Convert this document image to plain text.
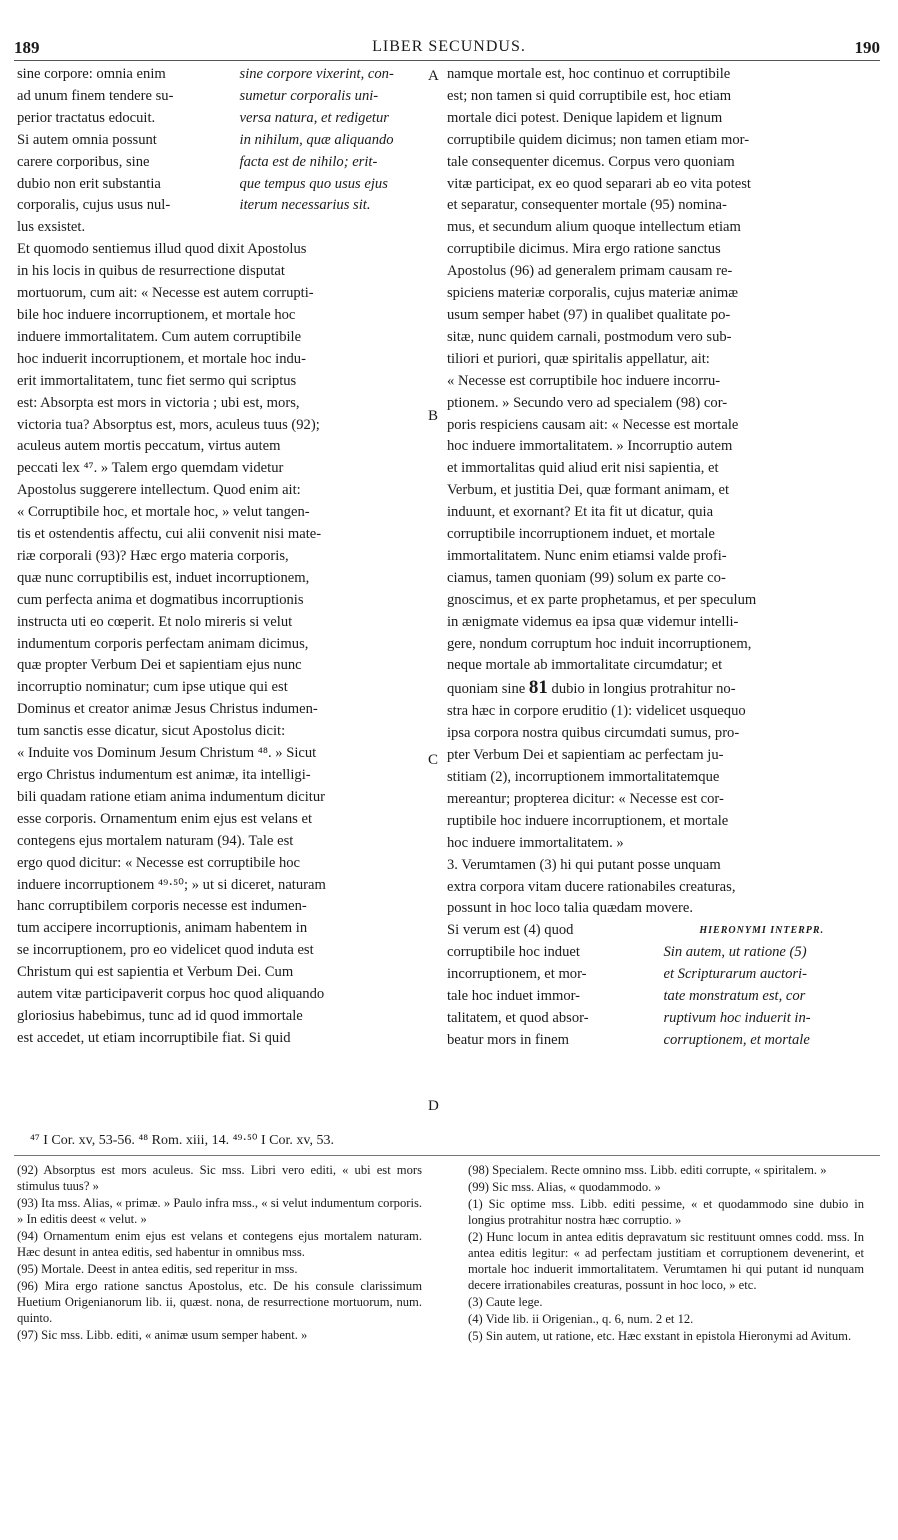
189	LIBER SECUNDUS.	190

sine corpore: omnia enim

ad unum finem tendere su-

perior tractatus edocuit.

Si autem omnia possunt

carere corporibus, sine

dubio non erit substantia

corporalis, cujus usus nul-

lus exsistet.

sine corpore vixerint, con-

sumetur corporalis uni-

versa natura, et redigetur

in nihilum, quæ aliquando

facta est de nihilo; erit-

que tempus quo usus ejus

iterum necessarius sit.

Et quomodo sentiemus illud quod dixit Apostolus

in his locis in quibus de resurrectione disputat

mortuorum, cum ait: « Necesse est autem corrupti-

bile hoc induere incorruptionem, et mortale hoc

induere immortalitatem. Cum autem corruptibile

hoc induerit incorruptionem, et mortale hoc indu-

erit immortalitatem, tunc fiet sermo qui scriptus

est: Absorpta est mors in victoria ; ubi est, mors,

victoria tua? Absorptus est, mors, aculeus tuus (92);

aculeus autem mortis peccatum, virtus autem

peccati lex ⁴⁷. » Talem ergo quemdam videtur

Apostolus suggerere intellectum. Quod enim ait:

« Corruptibile hoc, et mortale hoc, » velut tangen-

tis et ostendentis affectu, cui alii convenit nisi mate-

riæ corporali (93)? Hæc ergo materia corporis,

quæ nunc corruptibilis est, induet incorruptionem,

cum perfecta anima et dogmatibus incorruptionis

instructa uti eo cœperit. Et nolo mireris si velut

indumentum corporis perfectam animam dicimus,

quæ propter Verbum Dei et sapientiam ejus nunc

incorruptio nominatur; cum ipse utique qui est

Dominus et creator animæ Jesus Christus indumen-

tum sanctis esse dicatur, sicut Apostolus dicit:

« Induite vos Dominum Jesum Christum ⁴⁸. » Sicut

ergo Christus indumentum est animæ, ita intelligi-

bili quadam ratione etiam anima indumentum dicitur

esse corporis. Ornamentum enim ejus est velans et

contegens ejus mortalem naturam (94). Tale est

ergo quod dicitur: « Necesse est corruptibile hoc

induere incorruptionem ⁴⁹·⁵⁰; » ut si diceret, naturam

hanc corruptibilem corporis necesse est indumen-

tum accipere incorruptionis, animam habentem in

se incorruptionem, pro eo videlicet quod induta est

Christum qui est sapientia et Verbum Dei. Cum

autem vitæ participaverit corpus hoc quod aliquando

gloriosius habebimus, tunc ad id quod immortale

est accedet, ut etiam incorruptibile fiat. Si quid

A
B
C
D

namque mortale est, hoc continuo et corruptibile

est; non tamen si quid corruptibile est, hoc etiam

mortale dici potest. Denique lapidem et lignum

corruptibile quidem dicimus; non tamen etiam mor-

tale consequenter dicemus. Corpus vero quoniam

vitæ participat, ex eo quod separari ab eo vita potest

et separatur, consequenter mortale (95) nomina-

mus, et secundum alium quoque intellectum etiam

corruptibile dicimus. Mira ergo ratione sanctus

Apostolus (96) ad generalem primam causam re-

spiciens materiæ corporalis, cujus materiæ animæ

usum semper habet (97) in qualibet qualitate po-

sitæ, nunc quidem carnali, postmodum vero sub-

tiliori et puriori, quæ spiritalis appellatur, ait:

« Necesse est corruptibile hoc induere incorru-

ptionem. » Secundo vero ad specialem (98) cor-

poris respiciens causam ait: « Necesse est mortale

hoc induere immortalitatem. » Incorruptio autem

et immortalitas quid aliud erit nisi sapientia, et

Verbum, et justitia Dei, quæ formant animam, et

induunt, et exornant? Et ita fit ut dicatur, quia

corruptibile incorruptionem induet, et mortale

immortalitatem. Nunc enim etiamsi valde profi-

ciamus, tamen quoniam (99) solum ex parte co-

gnoscimus, et ex parte prophetamus, et per speculum

in ænigmate videmus ea ipsa quæ videmur intelli-

gere, nondum corruptum hoc induit incorruptionem,

neque mortale ab immortalitate circumdatur; et

quoniam sine 81 dubio in longius protrahitur no-

stra hæc in corpore eruditio (1): videlicet usquequo

ipsa corpora nostra quibus circumdati sumus, pro-

pter Verbum Dei et sapientiam ac perfectam ju-

stitiam (2), incorruptionem immortalitatemque

mereantur; propterea dicitur: « Necesse est cor-

ruptibile hoc induere incorruptionem, et mortale

hoc induere immortalitatem. »

3. Verumtamen (3) hi qui putant posse unquam

extra corpora vitam ducere rationabiles creaturas,

possunt in hoc loco talia quædam movere.

Si verum est (4) quod

corruptibile hoc induet

incorruptionem, et mor-

tale hoc induet immor-

talitatem, et quod absor-

beatur mors in finem

HIERONYMI INTERPR.

Sin autem, ut ratione (5)

et Scripturarum auctori-

tate monstratum est, cor

ruptivum hoc induerit in-

corruptionem, et mortale

⁴⁷ I Cor. xv, 53-56. ⁴⁸ Rom. xiii, 14. ⁴⁹·⁵⁰ I Cor. xv, 53.

(92) Absorptus est mors aculeus. Sic mss. Libri vero editi, « ubi est mors stimulus tuus? »

(93) Ita mss. Alias, « primæ. » Paulo infra mss., « si velut indumentum corporis. » In editis deest « velut. »

(94) Ornamentum enim ejus est velans et contegens ejus mortalem naturam. Hæc desunt in antea editis, sed habentur in omnibus mss.

(95) Mortale. Deest in antea editis, sed reperitur in mss.

(96) Mira ergo ratione sanctus Apostolus, etc. De his consule clarissimum Huetium Origenianorum lib. ii, quæst. nona, de resurrectione mortuorum, num. quinto.

(97) Sic mss. Libb. editi, « animæ usum semper habent. »

(98) Specialem. Recte omnino mss. Libb. editi corrupte, « spiritalem. »

(99) Sic mss. Alias, « quodammodo. »

(1) Sic optime mss. Libb. editi pessime, « et quodammodo sine dubio in longius protrahitur nostra hæc corruptio. »

(2) Hunc locum in antea editis depravatum sic restituunt omnes codd. mss. In antea editis legitur: « ad perfectam justitiam et corruptionem devenerint, et mortale hoc induerit immortalitatem. Verumtamen hi qui putant id nunquam decere irrationabiles creaturas, possunt in hoc loco, » etc.

(3) Caute lege.

(4) Vide lib. ii Origenian., q. 6, num. 2 et 12.

(5) Sin autem, ut ratione, etc. Hæc exstant in epistola Hieronymi ad Avitum.
